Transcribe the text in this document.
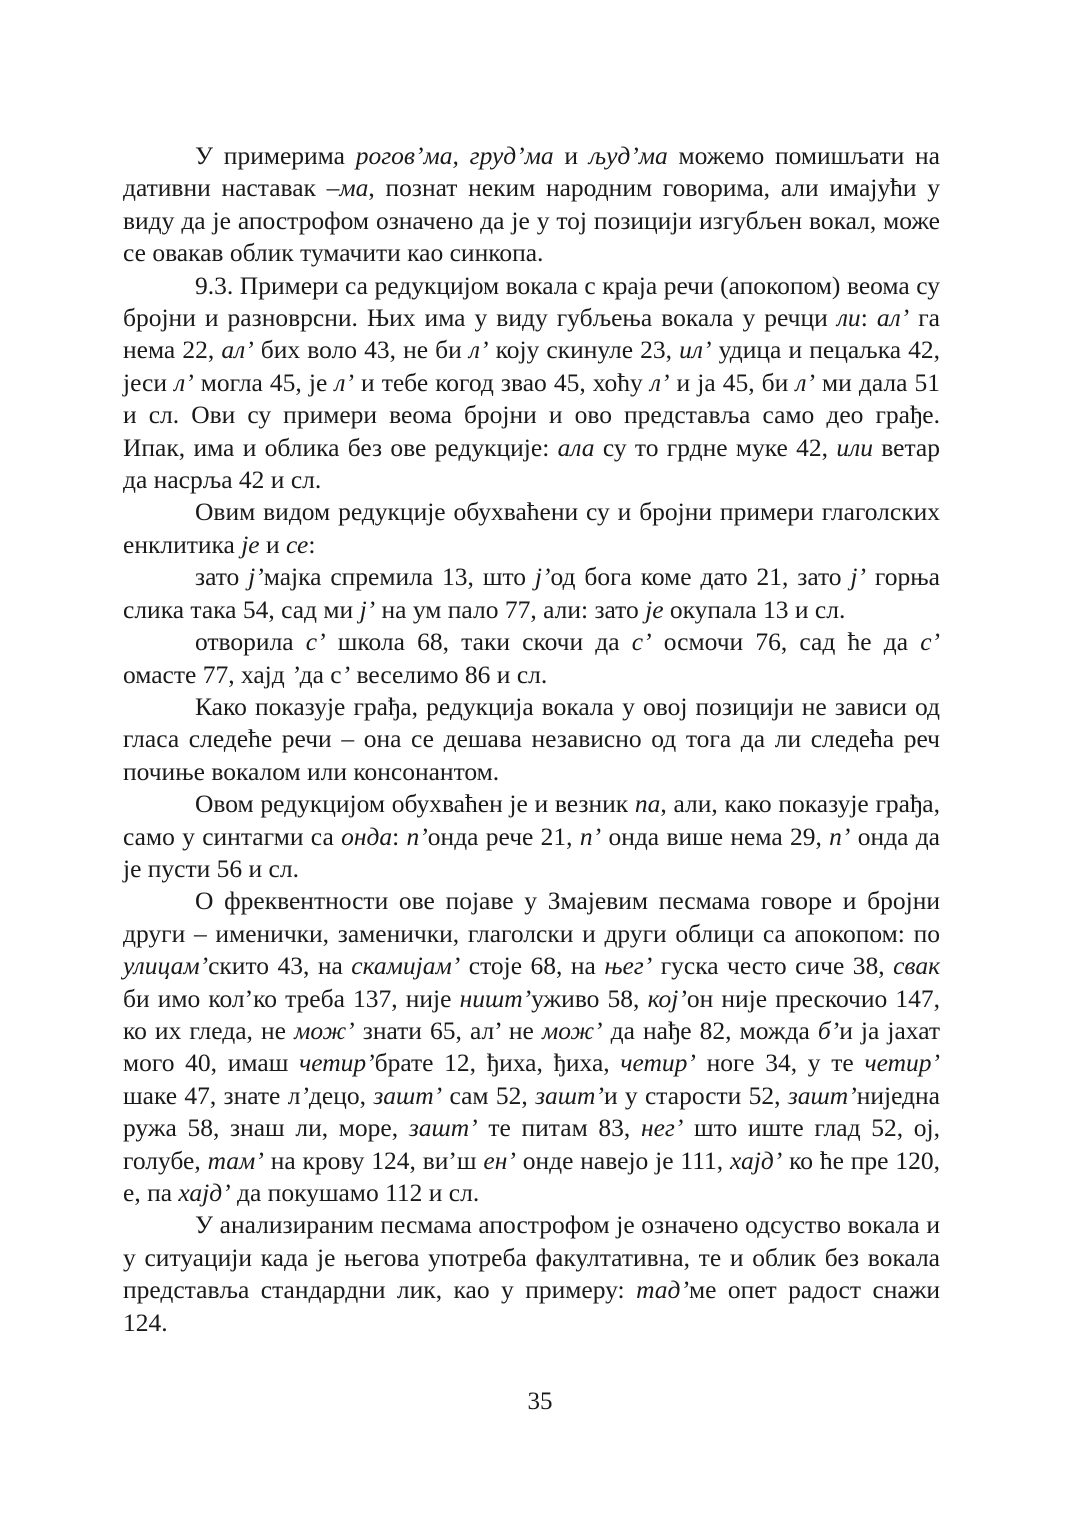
У примерима рогов’ма, груд’ма и људ’ма можемо помишљати на дативни наставак –ма, познат неким народним говорима, али имајући у виду да је апострофом означено да је у тој позицији изгубљен вокал, може се овакав облик тумачити као синкопа.

9.3. Примери са редукцијом вокала с краја речи (апокопом) веома су бројни и разноврсни. Њих има у виду губљења вокала у речци ли: ал’ га нема 22, ал’ бих воло 43, не би л’ коју скинуле 23, ил’ удица и пецаљка 42, јеси л’ могла 45, је л’ и тебе когод звао 45, хоћу л’ и ја 45, би л’ ми дала 51 и сл. Ови су примери веома бројни и ово представља само део грађе. Ипак, има и облика без ове редукције: ала су то грдне муке 42, или ветар да насрља 42 и сл.

Овим видом редукције обухваћени су и бројни примери глаголских енклитика је и се:

зато j’мајка спремила 13, што j’од бога коме дато 21, зато j’ горња слика така 54, сад ми j’ на ум пало 77, али: зато је окупала 13 и сл.

отворила с’ школа 68, таки скочи да с’ осмочи 76, сад ће да с’ омасте 77, хајд ’да с’ веселимо 86 и сл.

Како показује грађа, редукција вокала у овој позицији не зависи од гласа следеће речи – она се дешава независно од тога да ли следећа реч почиње вокалом или консонантом.

Овом редукцијом обухваћен је и везник па, али, како показује грађа, само у синтагми са онда: п’онда рече 21, п’ онда више нема 29, п’ онда да је пусти 56 и сл.

О фреквентности ове појаве у Змајевим песмама говоре и бројни други – именички, заменички, глаголски и други облици са апокопом: по улицам’скито 43, на скамијам’ стоје 68, на њег’ гуска често сиче 38, свак би имо кол’ко треба 137, није ништ’уживо 58, кој’он није прескочио 147, ко их гледа, не мож’ знати 65, ал’ не мож’ да нађе 82, можда б’и ја јахат мого 40, имаш четир’брате 12, ђиха, ђиха, четир’ ноге 34, у те четир’ шаке 47, знате л’децо, зашт’ сам 52, зашт’и у старости 52, зашт’ниједна ружа 58, знаш ли, море, зашт’ те питам 83, нег’ што иште глад 52, ој, голубе, там’ на крову 124, ви’ш ен’ онде навејо је 111, хајд’ ко ће пре 120, е, па хајд’ да покушамо 112 и сл.

У анализираним песмама апострофом је означено одсуство вокала и у ситуацији када је његова употреба факултативна, те и облик без вокала представља стандардни лик, као у примеру: тад’ме опет радост снажи 124.

35
